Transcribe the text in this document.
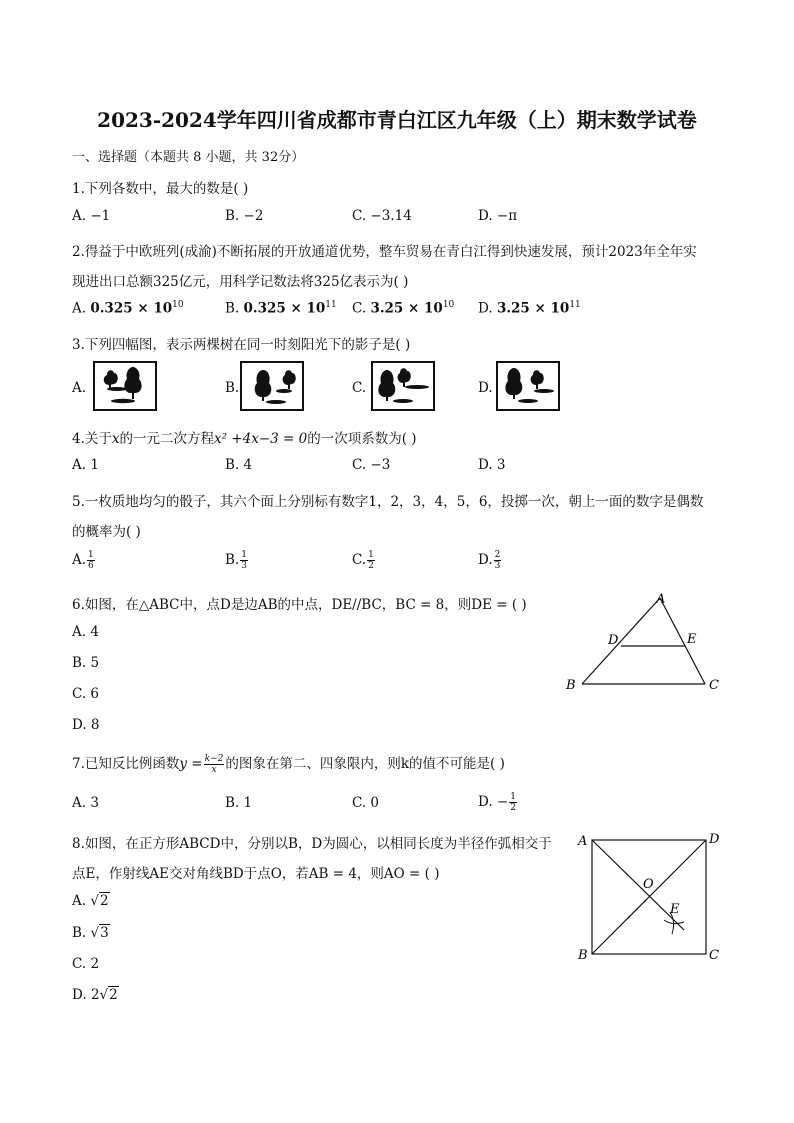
2023-2024学年四川省成都市青白江区九年级（上）期末数学试卷
一、选择题（本题共 8 小题，共 32分）
1.下列各数中，最大的数是( )
A. −1	B. −2	C. −3.14	D. −π
2.得益于中欧班列(成渝)不断拓展的开放通道优势，整车贸易在青白江得到快速发展，预计2023年全年实
现进出口总额325亿元，用科学记数法将325亿表示为( )
A. $0.325 \times 10^{10}$	B. $0.325 \times 10^{11}$ C. $3.25 \times 10^{10}$ D. $3.25 \times 10^{11}$
3.下列四幅图，表示两棵树在同一时刻阳光下的影子是( )
A.	B.	C.	D.
4.关于x的一元二次方程x² +4x−3 = 0的一次项系数为( )
A. 1	B. 4	C. −3	D. 3
5.一枚质地均匀的骰子，其六个面上分别标有数字1，2，3，4，5，6，投掷一次，朝上一面的数字是偶数
的概率为( )
A. $\frac{1}{6}$	B. $\frac{1}{3}$	C. $\frac{1}{2}$	D. $\frac{2}{3}$
6.如图，在△ABC中，点D是边AB的中点，DE//BC，BC = 8，则DE = ( )
A. 4
B. 5
C. 6
D. 8
A
D	E
B	C
7.已知反比例函数$y = \frac{k-2}{x}$ 的图象在第二、四象限内，则k的值不可能是( )
A. 3	B. 1	C. 0	D. − $\frac{1}{2}$
8.如图，在正方形ABCD中，分别以B，D为圆心，以相同长度为半径作弧相交于
点E，作射线AE交对角线BD于点O，若AB = 4，则AO = ( )
A. √2
B. √3
C. 2
D. 2√2
A	D
B	C
O
E
